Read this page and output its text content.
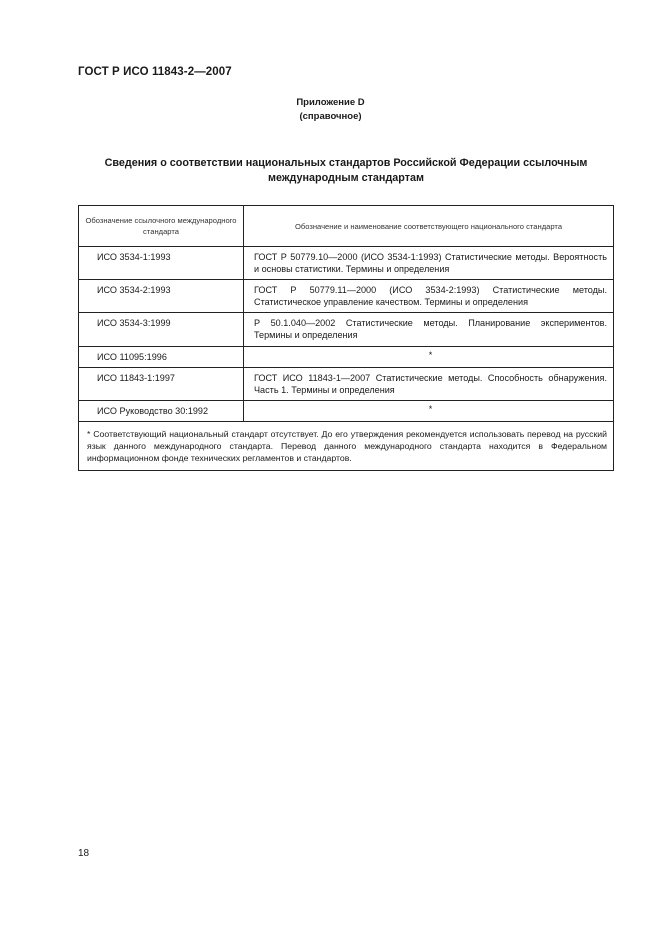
ГОСТ Р ИСО 11843-2—2007
Приложение D
(справочное)
Сведения о соответствии национальных стандартов Российской Федерации ссылочным международным стандартам
Обозначение ссылочного международного стандарта	Обозначение и наименование соответствующего национального стандарта
ИСО 3534-1:1993	ГОСТ Р 50779.10—2000 (ИСО 3534-1:1993) Статистические методы. Вероятность и основы статистики. Термины и определения
ИСО 3534-2:1993	ГОСТ Р 50779.11—2000 (ИСО 3534-2:1993) Статистические методы. Статистическое управление качеством. Термины и определения
ИСО 3534-3:1999	Р 50.1.040—2002 Статистические методы. Планирование экспериментов. Термины и определения
ИСО 11095:1996	*
ИСО 11843-1:1997	ГОСТ ИСО 11843-1—2007 Статистические методы. Способность обнаружения. Часть 1. Термины и определения
ИСО Руководство 30:1992	*
* Соответствующий национальный стандарт отсутствует. До его утверждения рекомендуется использовать перевод на русский язык данного международного стандарта. Перевод данного международного стандарта находится в Федеральном информационном фонде технических регламентов и стандартов.	
18
